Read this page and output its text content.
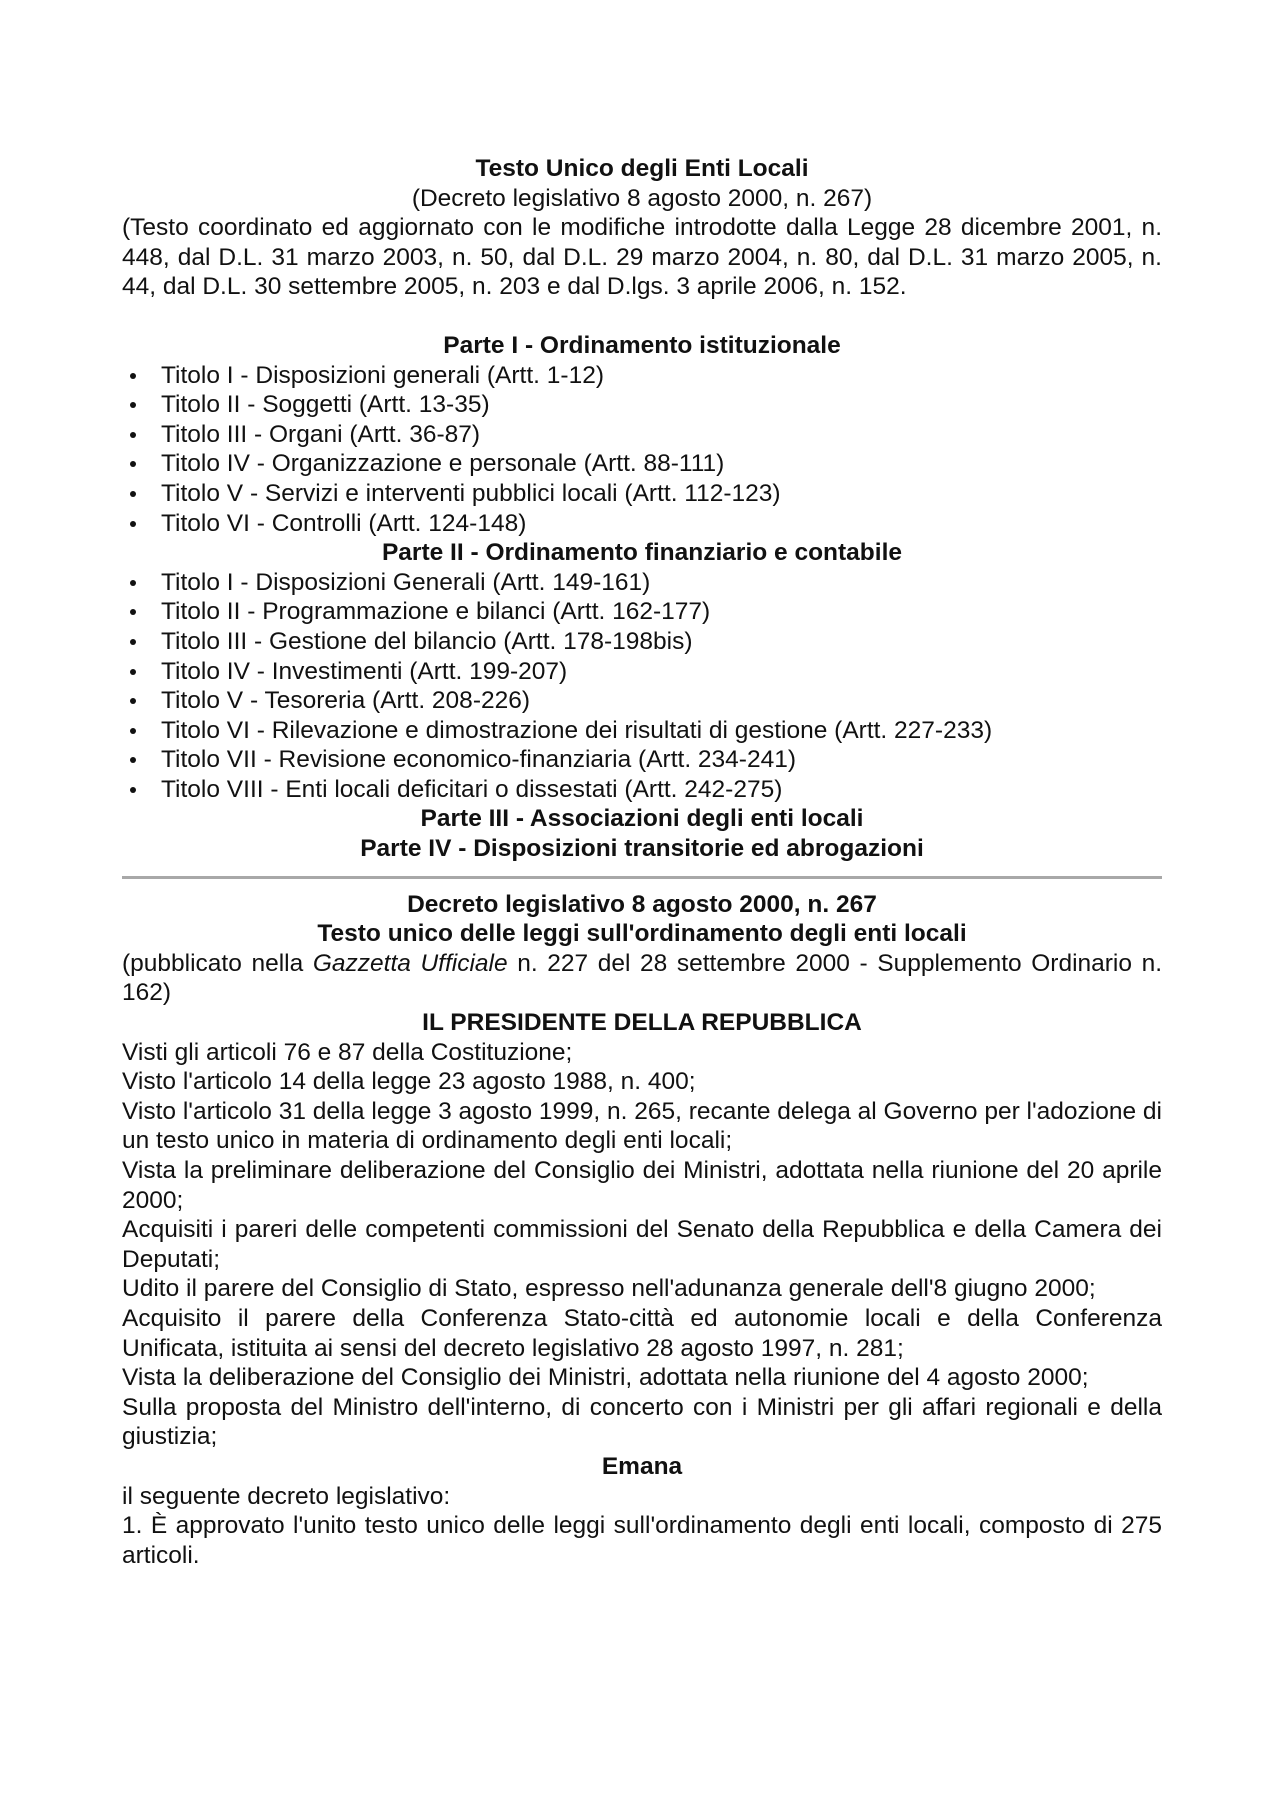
Testo Unico degli Enti Locali
(Decreto legislativo 8 agosto 2000, n. 267)

(Testo coordinato ed aggiornato con le modifiche introdotte dalla Legge 28 dicembre 2001, n. 448, dal D.L. 31 marzo 2003, n. 50, dal D.L. 29 marzo 2004, n. 80, dal D.L. 31 marzo 2005, n. 44, dal D.L. 30 settembre 2005, n. 203 e dal D.lgs. 3 aprile 2006, n. 152.

Parte I - Ordinamento istituzionale
Titolo I - Disposizioni generali (Artt. 1-12)
Titolo II - Soggetti (Artt. 13-35)
Titolo III - Organi (Artt. 36-87)
Titolo IV - Organizzazione e personale (Artt. 88-111)
Titolo V - Servizi e interventi pubblici locali (Artt. 112-123)
Titolo VI - Controlli (Artt. 124-148)
Parte II - Ordinamento finanziario e contabile
Titolo I - Disposizioni Generali (Artt. 149-161)
Titolo II - Programmazione e bilanci (Artt. 162-177)
Titolo III - Gestione del bilancio (Artt. 178-198bis)
Titolo IV - Investimenti (Artt. 199-207)
Titolo V - Tesoreria (Artt. 208-226)
Titolo VI - Rilevazione e dimostrazione dei risultati di gestione (Artt. 227-233)
Titolo VII - Revisione economico-finanziaria (Artt. 234-241)
Titolo VIII - Enti locali deficitari o dissestati (Artt. 242-275)
Parte III - Associazioni degli enti locali
Parte IV - Disposizioni transitorie ed abrogazioni
Decreto legislativo 8 agosto 2000, n. 267
Testo unico delle leggi sull'ordinamento degli enti locali

(pubblicato nella Gazzetta Ufficiale n. 227 del 28 settembre 2000 - Supplemento Ordinario n. 162)

IL PRESIDENTE DELLA REPUBBLICA

Visti gli articoli 76 e 87 della Costituzione;

Visto l'articolo 14 della legge 23 agosto 1988, n. 400;

Visto l'articolo 31 della legge 3 agosto 1999, n. 265, recante delega al Governo per l'adozione di un testo unico in materia di ordinamento degli enti locali;

Vista la preliminare deliberazione del Consiglio dei Ministri, adottata nella riunione del 20 aprile 2000;

Acquisiti i pareri delle competenti commissioni del Senato della Repubblica e della Camera dei Deputati;

Udito il parere del Consiglio di Stato, espresso nell'adunanza generale dell'8 giugno 2000;

Acquisito il parere della Conferenza Stato-città ed autonomie locali e della Conferenza Unificata, istituita ai sensi del decreto legislativo 28 agosto 1997, n. 281;

Vista la deliberazione del Consiglio dei Ministri, adottata nella riunione del 4 agosto 2000;

Sulla proposta del Ministro dell'interno, di concerto con i Ministri per gli affari regionali e della giustizia;

Emana

il seguente decreto legislativo:

1. È approvato l'unito testo unico delle leggi sull'ordinamento degli enti locali, composto di 275 articoli.
